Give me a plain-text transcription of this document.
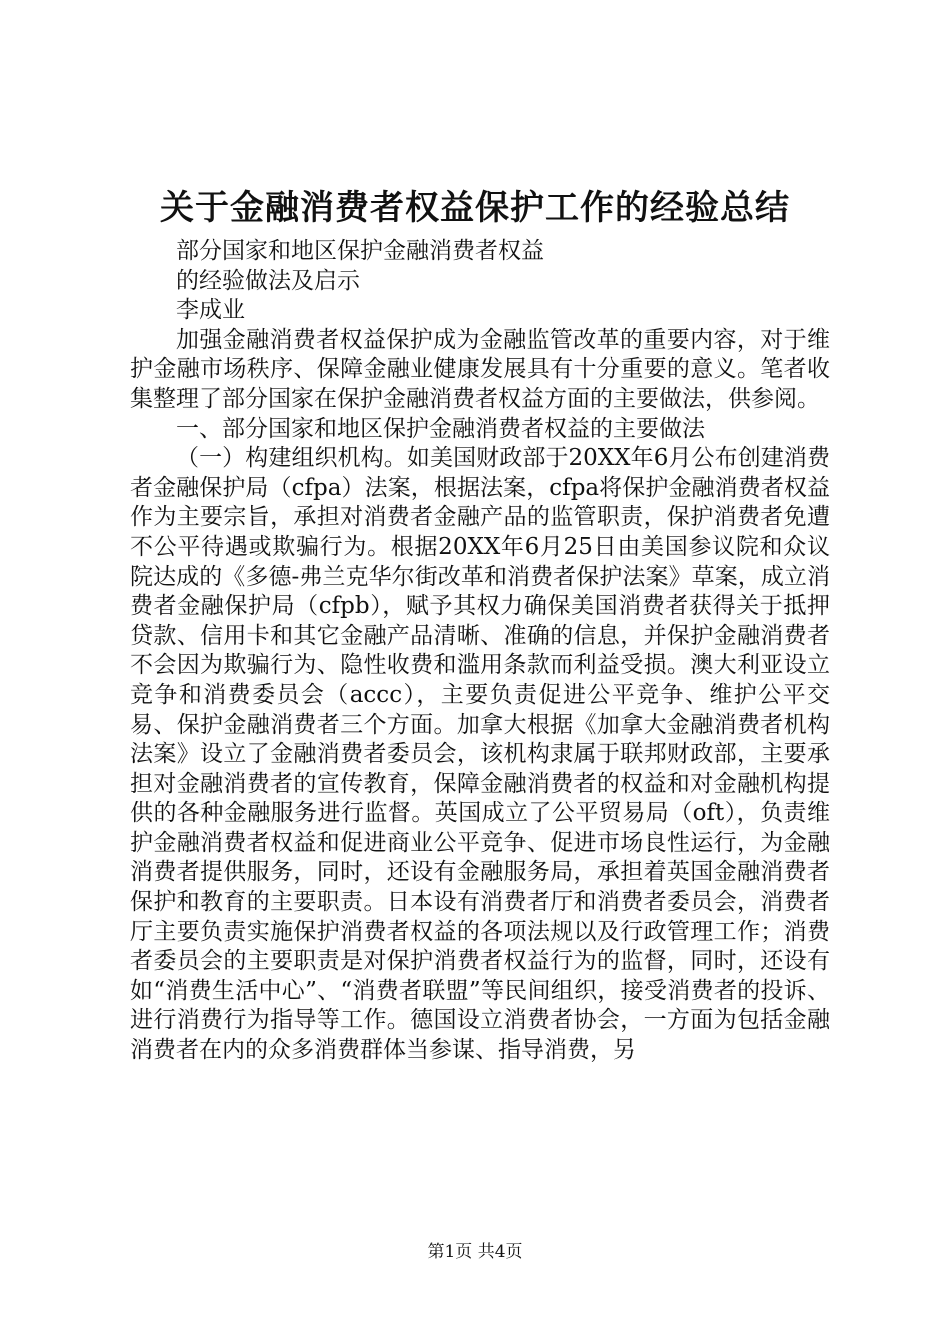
关于金融消费者权益保护工作的经验总结

部分国家和地区保护金融消费者权益

的经验做法及启示

李成业

加强金融消费者权益保护成为金融监管改革的重要内容，对于维护金融市场秩序、保障金融业健康发展具有十分重要的意义。笔者收集整理了部分国家在保护金融消费者权益方面的主要做法，供参阅。

一、部分国家和地区保护金融消费者权益的主要做法

（一）构建组织机构。如美国财政部于20XX年6月公布创建消费者金融保护局（cfpa）法案，根据法案，cfpa将保护金融消费者权益作为主要宗旨，承担对消费者金融产品的监管职责，保护消费者免遭不公平待遇或欺骗行为。根据20XX年6月25日由美国参议院和众议院达成的《多德-弗兰克华尔街改革和消费者保护法案》草案，成立消费者金融保护局（cfpb），赋予其权力确保美国消费者获得关于抵押贷款、信用卡和其它金融产品清晰、准确的信息，并保护金融消费者不会因为欺骗行为、隐性收费和滥用条款而利益受损。澳大利亚设立竞争和消费委员会（accc），主要负责促进公平竞争、维护公平交易、保护金融消费者三个方面。加拿大根据《加拿大金融消费者机构法案》设立了金融消费者委员会，该机构隶属于联邦财政部，主要承担对金融消费者的宣传教育，保障金融消费者的权益和对金融机构提供的各种金融服务进行监督。英国成立了公平贸易局（oft），负责维护金融消费者权益和促进商业公平竞争、促进市场良性运行，为金融消费者提供服务，同时，还设有金融服务局，承担着英国金融消费者保护和教育的主要职责。日本设有消费者厅和消费者委员会，消费者厅主要负责实施保护消费者权益的各项法规以及行政管理工作；消费者委员会的主要职责是对保护消费者权益行为的监督，同时，还设有如“消费生活中心”、“消费者联盟”等民间组织，接受消费者的投诉、进行消费行为指导等工作。德国设立消费者协会，一方面为包括金融消费者在内的众多消费群体当参谋、指导消费，另

第1页 共4页
